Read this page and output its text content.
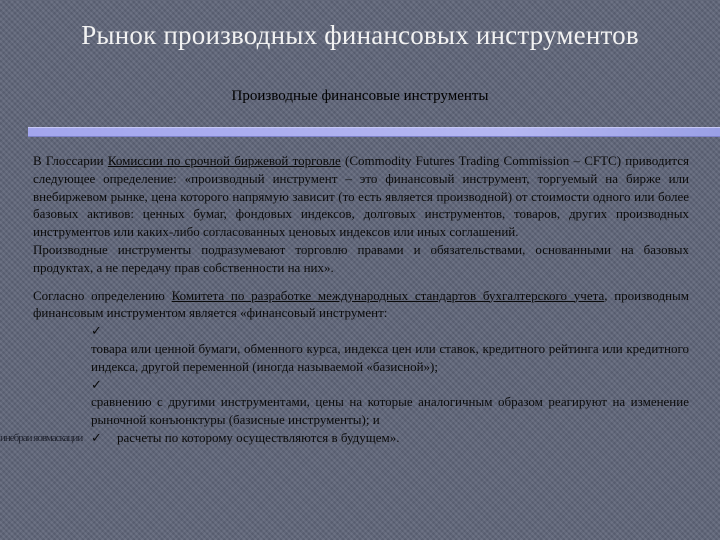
Рынок производных финансовых инструментов
Производные финансовые инструменты

В Глоссарии Комиссии по срочной биржевой торговле (Commodity Futures Trading Commission – CFTC) приводится следующее определение: «производный инструмент – это финансовый инструмент, торгуемый на бирже или внебиржевом рынке, цена которого напрямую зависит (то есть является производной) от стоимости одного или более базовых активов: ценных бумаг, фондовых индексов, долговых инструментов, товаров, других производных инструментов или каких-либо согласованных ценовых индексов или иных соглашений.

Производные инструменты подразумевают торговлю правами и обязательствами, основанными на базовых продуктах, а не передачу прав собственности на них».

Согласно определению Комитета по разработке международных стандартов бухгалтерского учета, производным финансовым инструментом является «финансовый инструмент:

✓

товара или ценной бумаги, обменного курса, индекса цен или ставок, кредитного рейтинга или кредитного индекса, другой переменной (иногда называемой «базисной»);

✓

сравнению с другими инструментами, цены на которые аналогичным образом реагируют на изменение рыночной конъюнктуры (базисные инструменты); и

✓ расчеты по которому осуществляются в будущем».

инебраи яовмаскации
